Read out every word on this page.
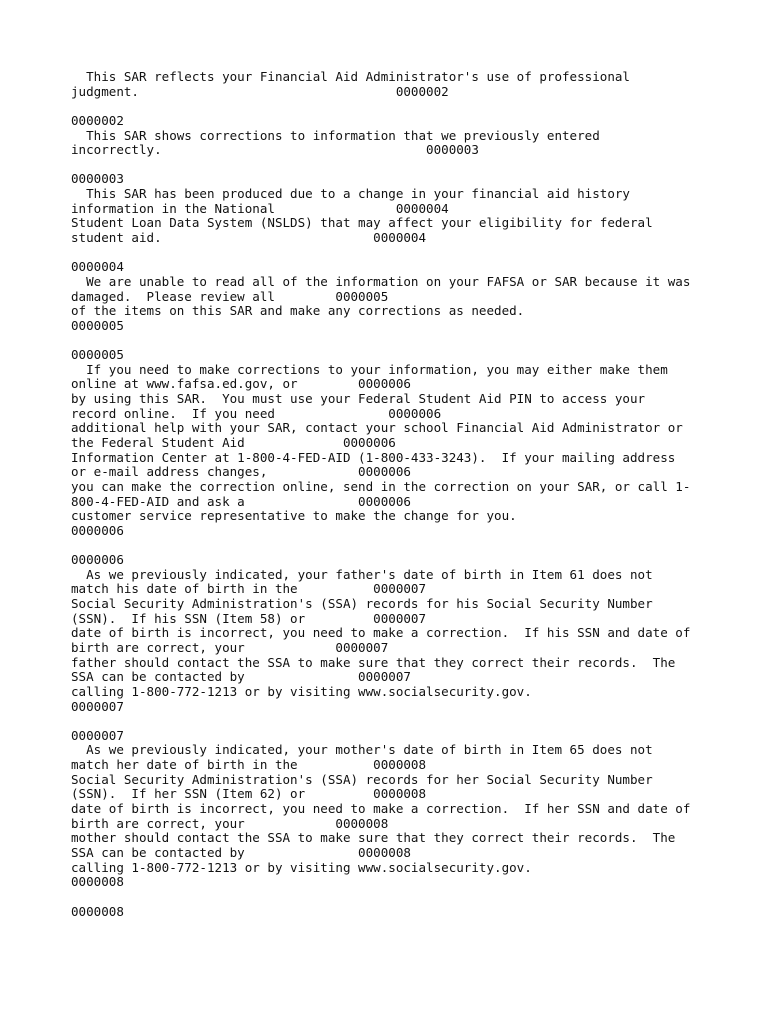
This SAR reflects your Financial Aid Administrator's use of professional
judgment.                                  0000002
0000002
This SAR shows corrections to information that we previously entered
incorrectly.                                   0000003
0000003
This SAR has been produced due to a change in your financial aid history
information in the National                0000004
Student Loan Data System (NSLDS) that may affect your eligibility for federal
student aid.                            0000004
0000004
We are unable to read all of the information on your FAFSA or SAR because it was
damaged.  Please review all        0000005
of the items on this SAR and make any corrections as needed.
0000005
0000005
If you need to make corrections to your information, you may either make them
online at www.fafsa.ed.gov, or        0000006
by using this SAR.  You must use your Federal Student Aid PIN to access your
record online.  If you need               0000006
additional help with your SAR, contact your school Financial Aid Administrator or
the Federal Student Aid             0000006
Information Center at 1-800-4-FED-AID (1-800-433-3243).  If your mailing address
or e-mail address changes,            0000006
you can make the correction online, send in the correction on your SAR, or call 1-
800-4-FED-AID and ask a               0000006
customer service representative to make the change for you.
0000006
0000006
As we previously indicated, your father's date of birth in Item 61 does not
match his date of birth in the          0000007
Social Security Administration's (SSA) records for his Social Security Number
(SSN).  If his SSN (Item 58) or         0000007
date of birth is incorrect, you need to make a correction.  If his SSN and date of
birth are correct, your            0000007
father should contact the SSA to make sure that they correct their records.  The
SSA can be contacted by               0000007
calling 1-800-772-1213 or by visiting www.socialsecurity.gov.
0000007
0000007
As we previously indicated, your mother's date of birth in Item 65 does not
match her date of birth in the          0000008
Social Security Administration's (SSA) records for her Social Security Number
(SSN).  If her SSN (Item 62) or         0000008
date of birth is incorrect, you need to make a correction.  If her SSN and date of
birth are correct, your            0000008
mother should contact the SSA to make sure that they correct their records.  The
SSA can be contacted by               0000008
calling 1-800-772-1213 or by visiting www.socialsecurity.gov.
0000008
0000008
